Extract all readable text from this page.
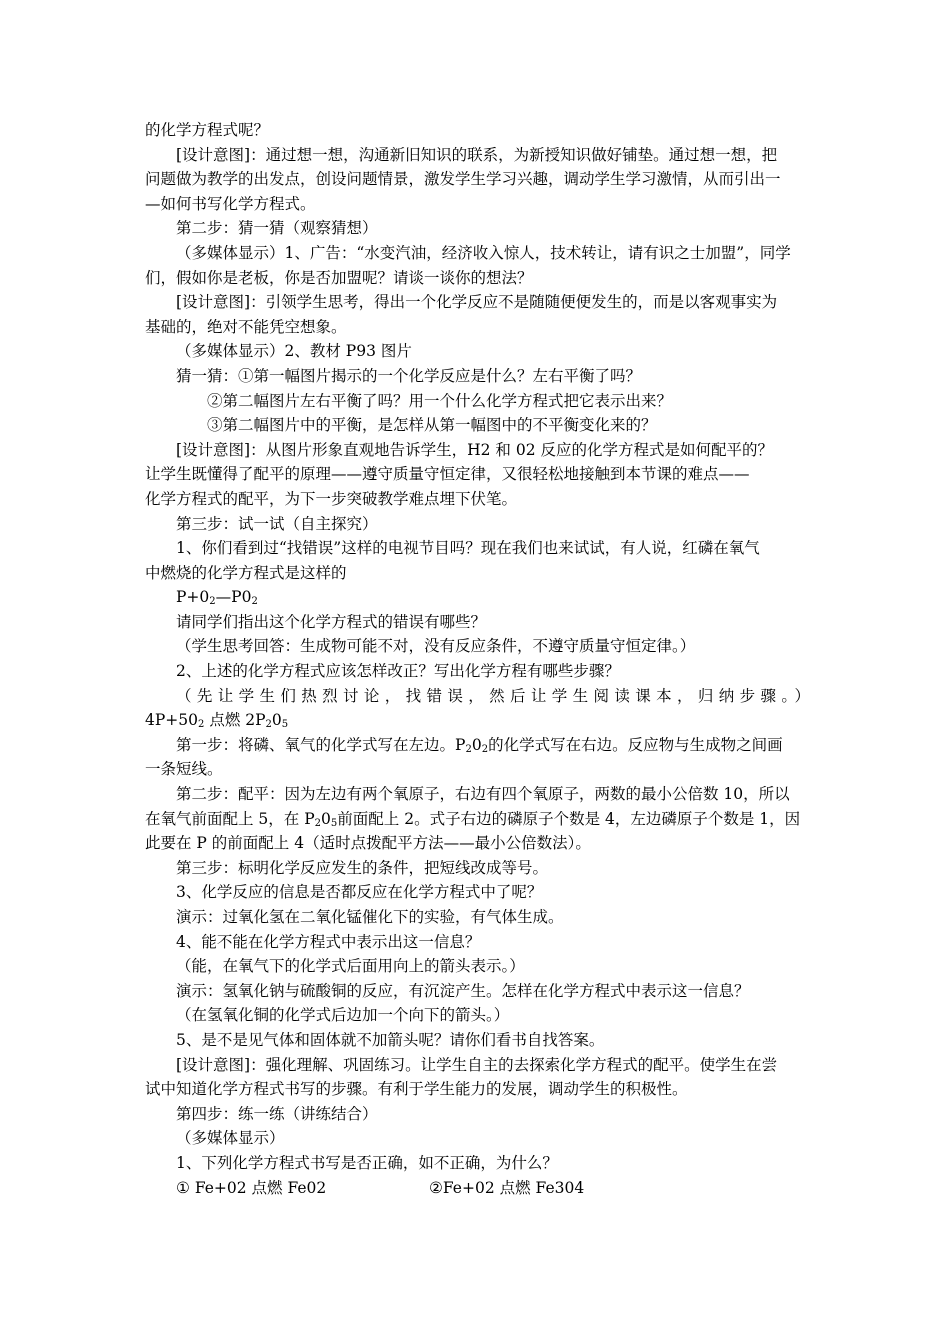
的化学方程式呢？
[设计意图]：通过想一想，沟通新旧知识的联系，为新授知识做好铺垫。通过想一想，把
问题做为教学的出发点，创设问题情景，激发学生学习兴趣，调动学生学习激情，从而引出一
—如何书写化学方程式。
第二步：猜一猜（观察猜想）
（多媒体显示）1、广告：“水变汽油，经济收入惊人，技术转让，请有识之士加盟”，同学
们，假如你是老板，你是否加盟呢？请谈一谈你的想法？
[设计意图]：引领学生思考，得出一个化学反应不是随随便便发生的，而是以客观事实为
基础的，绝对不能凭空想象。
（多媒体显示）2、教材 P93 图片
猜一猜：①第一幅图片揭示的一个化学反应是什么？左右平衡了吗？
②第二幅图片左右平衡了吗？用一个什么化学方程式把它表示出来？
③第二幅图片中的平衡，是怎样从第一幅图中的不平衡变化来的？
[设计意图]：从图片形象直观地告诉学生，H2 和 02 反应的化学方程式是如何配平的？
让学生既懂得了配平的原理——遵守质量守恒定律，又很轻松地接触到本节课的难点——
化学方程式的配平，为下一步突破教学难点埋下伏笔。
第三步：试一试（自主探究）
1、你们看到过“找错误”这样的电视节目吗？现在我们也来试试，有人说，红磷在氧气
中燃烧的化学方程式是这样的
$P+0_2—P0_2$
请同学们指出这个化学方程式的错误有哪些？
（学生思考回答：生成物可能不对，没有反应条件，不遵守质量守恒定律。）
2、上述的化学方程式应该怎样改正？写出化学方程有哪些步骤？
（先让学生们热烈讨论，找错误，然后让学生阅读课本，归纳步骤。）
$4P+50_2$ 点燃 $2P_20_5$
第一步：将磷、氧气的化学式写在左边。$P_20_2$的化学式写在右边。反应物与生成物之间画
一条短线。
第二步：配平：因为左边有两个氧原子，右边有四个氧原子，两数的最小公倍数 10，所以
在氧气前面配上 5，在 $P_20_5$前面配上 2。式子右边的磷原子个数是 4，左边磷原子个数是 1，因
此要在 P 的前面配上 4（适时点拨配平方法——最小公倍数法）。
第三步：标明化学反应发生的条件，把短线改成等号。
3、化学反应的信息是否都反应在化学方程式中了呢？
演示：过氧化氢在二氧化锰催化下的实验，有气体生成。
4、能不能在化学方程式中表示出这一信息？
（能，在氧气下的化学式后面用向上的箭头表示。）
演示：氢氧化钠与硫酸铜的反应，有沉淀产生。怎样在化学方程式中表示这一信息？
（在氢氧化铜的化学式后边加一个向下的箭头。）
5、是不是见气体和固体就不加箭头呢？请你们看书自找答案。
[设计意图]：强化理解、巩固练习。让学生自主的去探索化学方程式的配平。使学生在尝
试中知道化学方程式书写的步骤。有利于学生能力的发展，调动学生的积极性。
第四步：练一练（讲练结合）
（多媒体显示）
1、下列化学方程式书写是否正确，如不正确，为什么？
① Fe+02 点燃 Fe02	②Fe+02 点燃 Fe304
